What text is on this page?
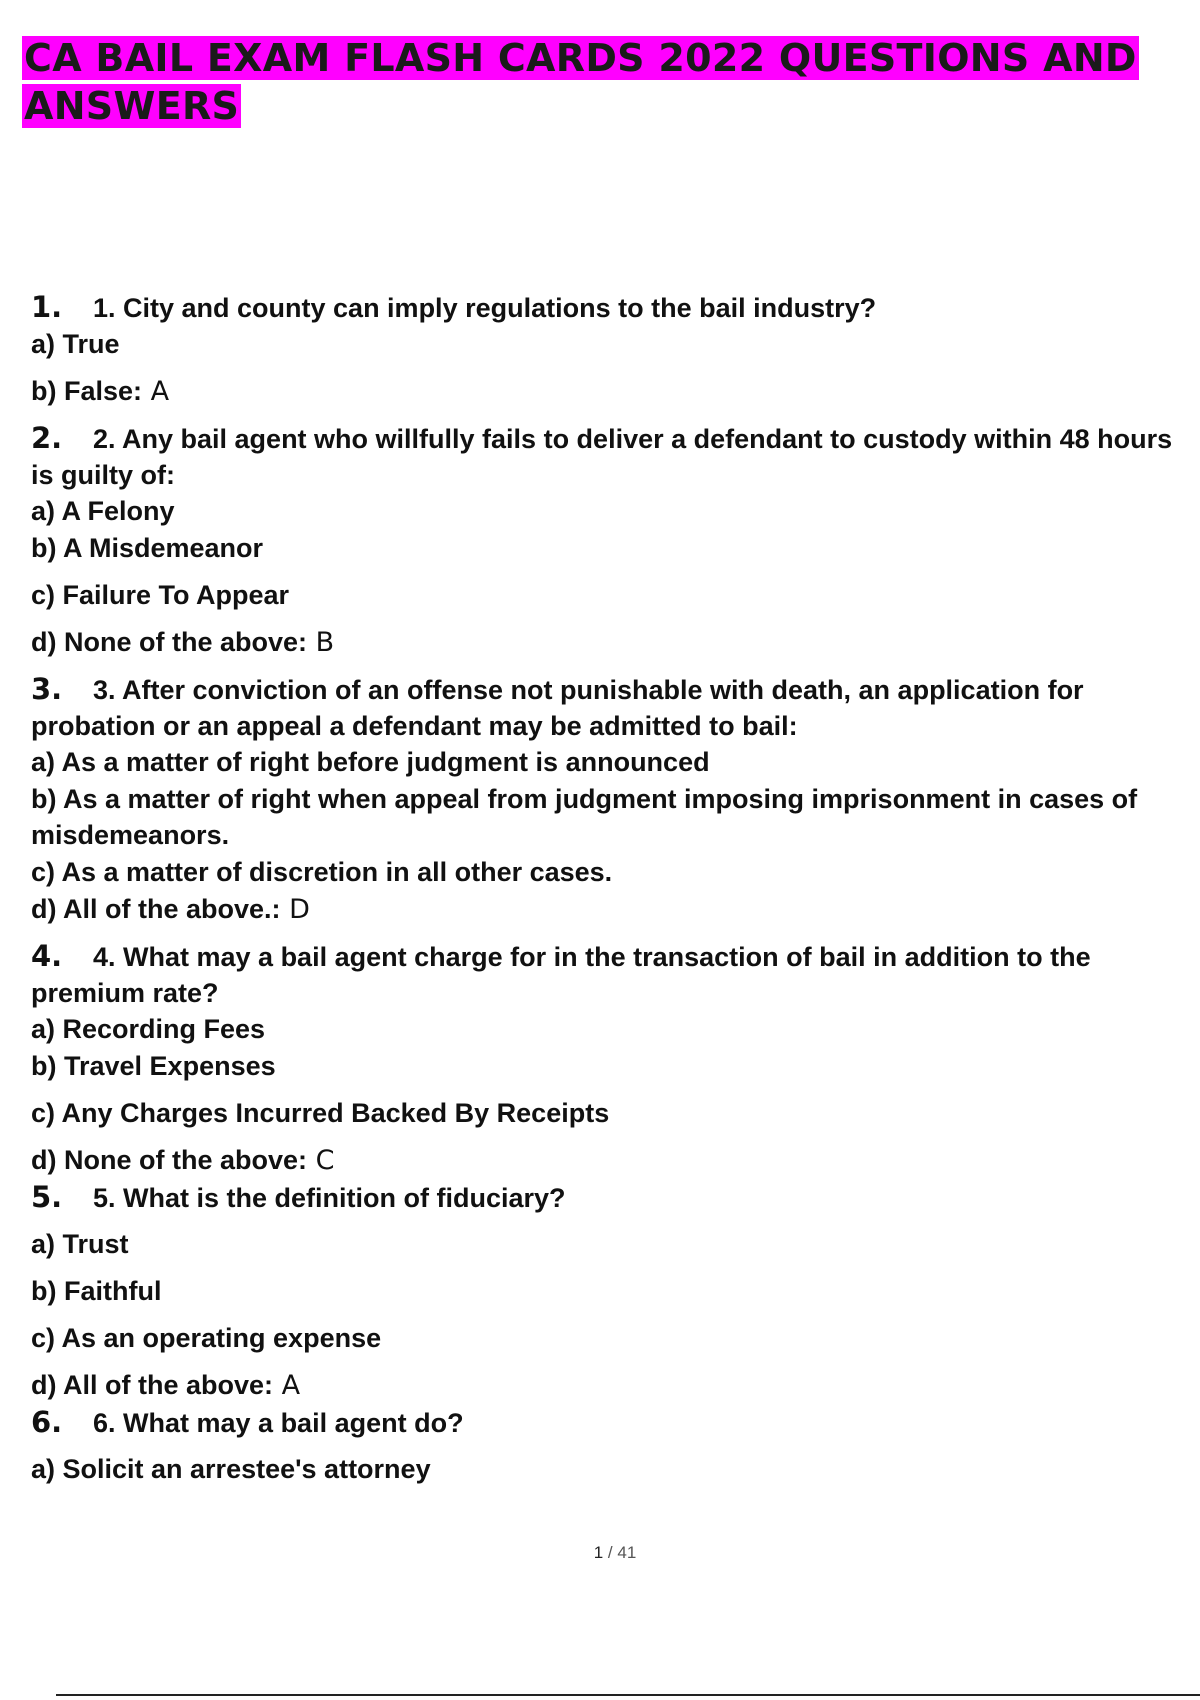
CA BAIL EXAM FLASH CARDS 2022 QUESTIONS AND ANSWERS

1. 1. City and county can imply regulations to the bail industry?

a) True

b) False: A

2. 2. Any bail agent who willfully fails to deliver a defendant to custody within 48 hours is guilty of:

a) A Felony

b) A Misdemeanor

c) Failure To Appear

d) None of the above: B

3. 3. After conviction of an offense not punishable with death, an application for probation or an appeal a defendant may be admitted to bail:

a) As a matter of right before judgment is announced

b) As a matter of right when appeal from judgment imposing imprisonment in cases of misdemeanors.

c) As a matter of discretion in all other cases.

d) All of the above.: D

4. 4. What may a bail agent charge for in the transaction of bail in addition to the premium rate?

a) Recording Fees

b) Travel Expenses

c) Any Charges Incurred Backed By Receipts

d) None of the above: C

5. 5. What is the definition of fiduciary?

a) Trust

b) Faithful

c) As an operating expense

d) All of the above: A

6. 6. What may a bail agent do?

a) Solicit an arrestee's attorney

1 / 41
